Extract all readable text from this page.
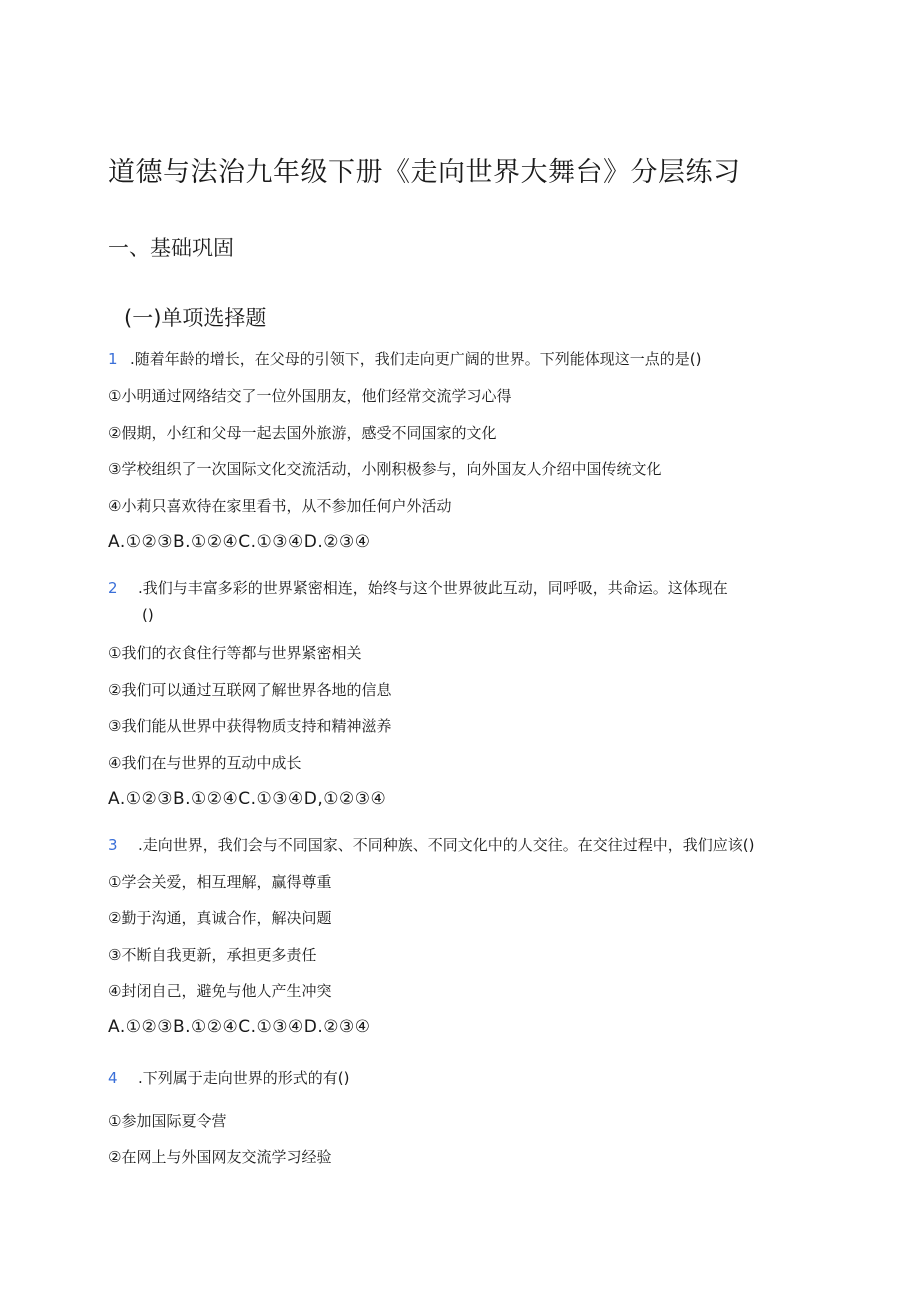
道德与法治九年级下册《走向世界大舞台》分层练习
一、基础巩固
(一)单项选择题
1 .随着年龄的增长，在父母的引领下，我们走向更广阔的世界。下列能体现这一点的是()
①小明通过网络结交了一位外国朋友，他们经常交流学习心得
②假期，小红和父母一起去国外旅游，感受不同国家的文化
③学校组织了一次国际文化交流活动，小刚积极参与，向外国友人介绍中国传统文化
④小莉只喜欢待在家里看书，从不参加任何户外活动
A.①②③B.①②④C.①③④D.②③④
2 .我们与丰富多彩的世界紧密相连，始终与这个世界彼此互动，同呼吸，共命运。这体现在
()
①我们的衣食住行等都与世界紧密相关
②我们可以通过互联网了解世界各地的信息
③我们能从世界中获得物质支持和精神滋养
④我们在与世界的互动中成长
A.①②③B.①②④C.①③④D,①②③④
3 .走向世界，我们会与不同国家、不同种族、不同文化中的人交往。在交往过程中，我们应该()
①学会关爱，相互理解，赢得尊重
②勤于沟通，真诚合作，解决问题
③不断自我更新，承担更多责任
④封闭自己，避免与他人产生冲突
A.①②③B.①②④C.①③④D.②③④
4 .下列属于走向世界的形式的有()
①参加国际夏令营
②在网上与外国网友交流学习经验
